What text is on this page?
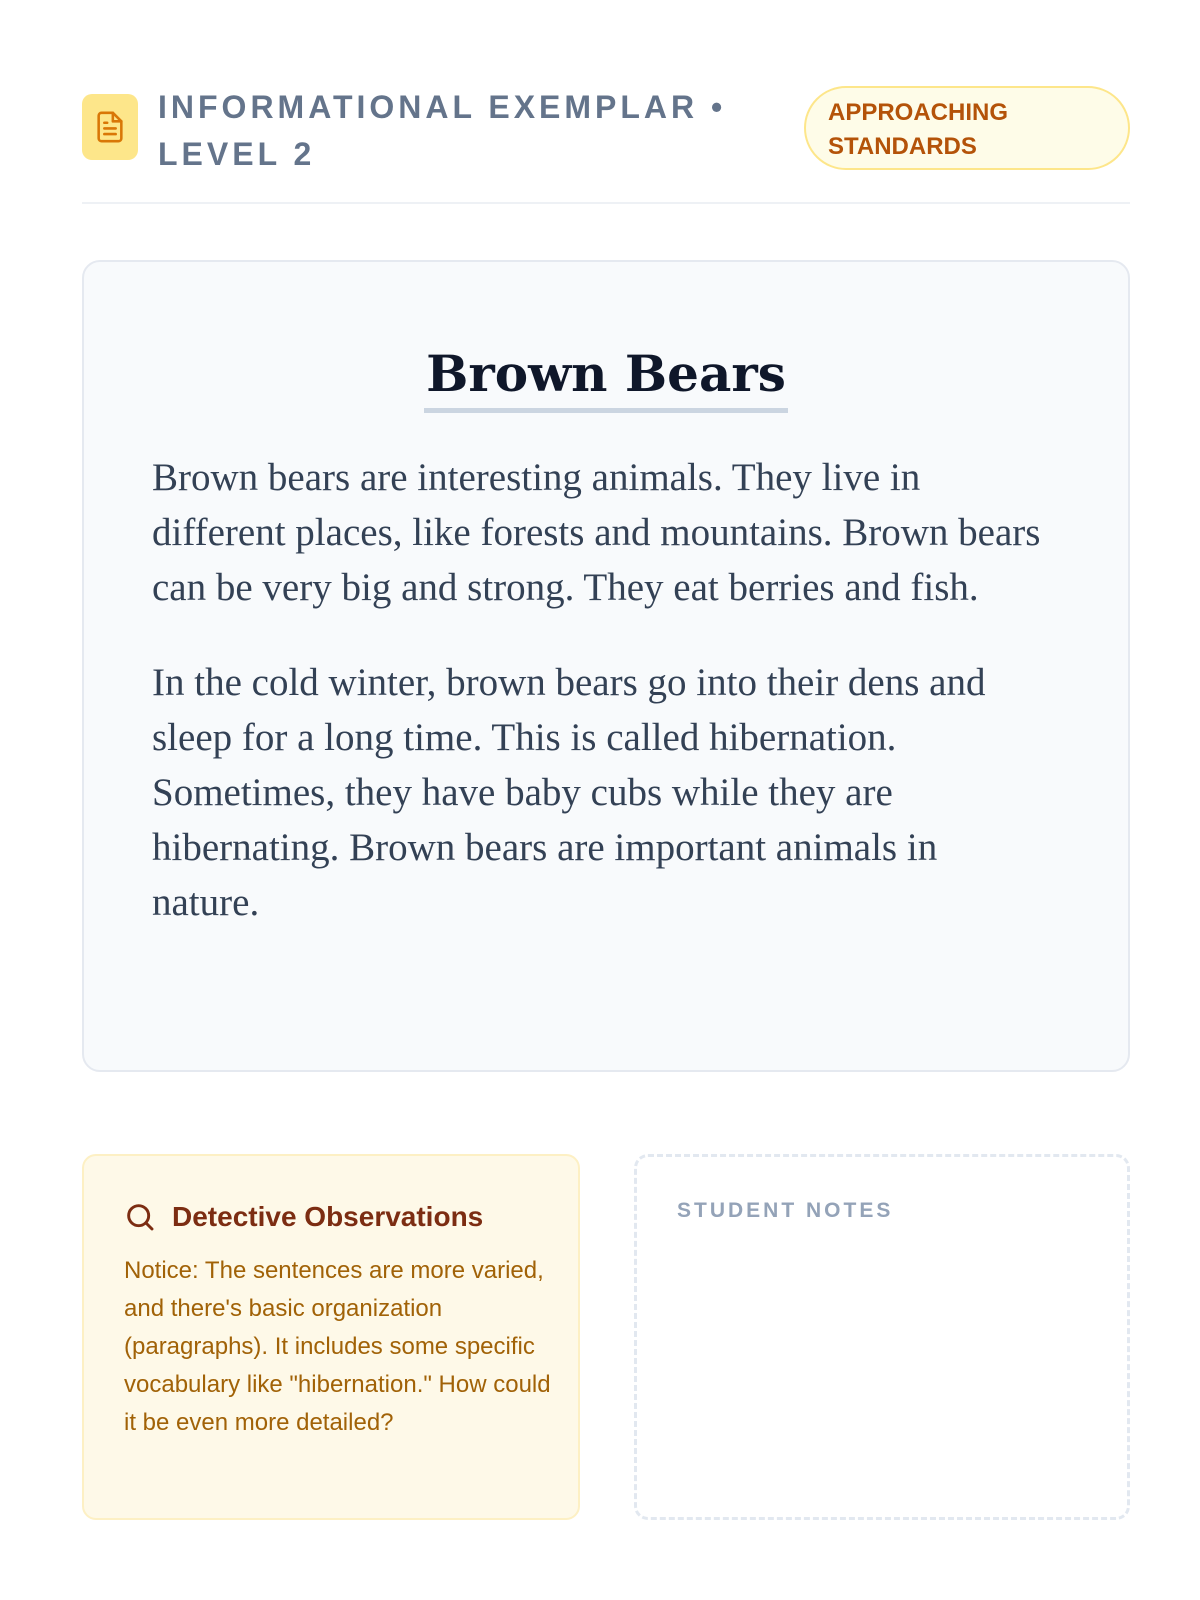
INFORMATIONAL EXEMPLAR • LEVEL 2
APPROACHING STANDARDS
Brown Bears

Brown bears are interesting animals. They live in different places, like forests and mountains. Brown bears can be very big and strong. They eat berries and fish.

In the cold winter, brown bears go into their dens and sleep for a long time. This is called hibernation. Sometimes, they have baby cubs while they are hibernating. Brown bears are important animals in nature.

Detective Observations
Notice: The sentences are more varied, and there's basic organization (paragraphs). It includes some specific vocabulary like "hibernation." How could it be even more detailed?
STUDENT NOTES
